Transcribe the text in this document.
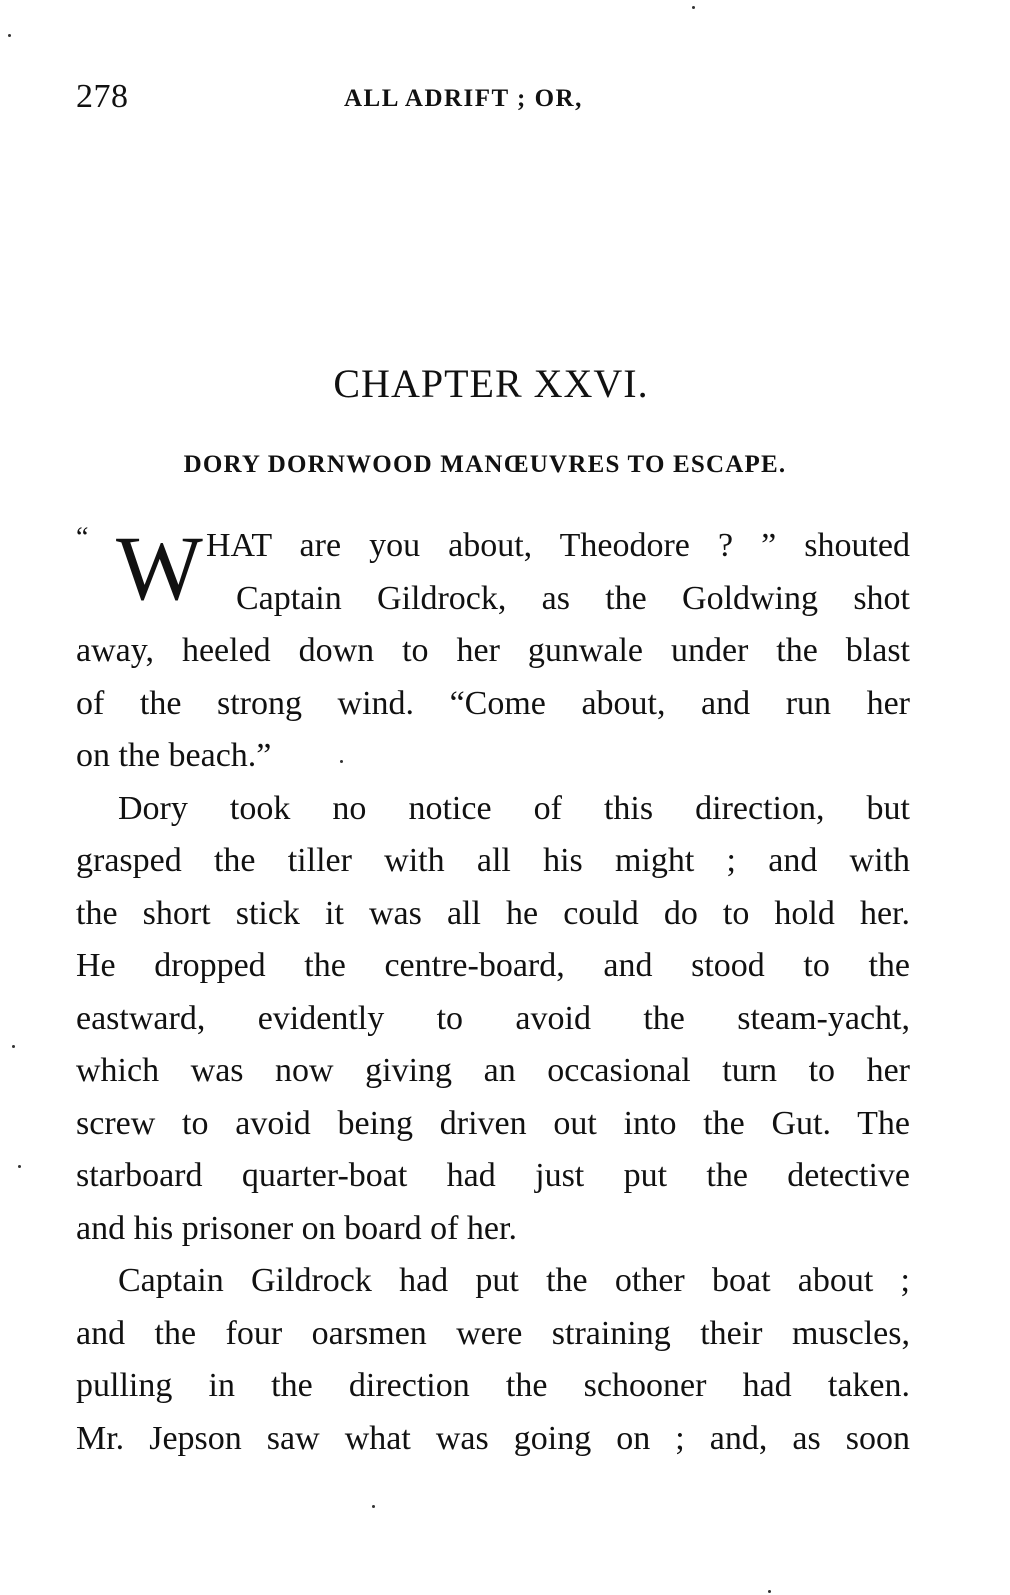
278	ALL ADRIFT ; OR,
CHAPTER XXVI.
DORY DORNWOOD MANŒUVRES TO ESCAPE.
“ W HAT are you about, Theodore ? ” shouted
Captain Gildrock, as the Goldwing shot
away, heeled down to her gunwale under the blast
of the strong wind. “Come about, and run her
on the beach.”
Dory took no notice of this direction, but
grasped the tiller with all his might ; and with
the short stick it was all he could do to hold her.
He dropped the centre-board, and stood to the
eastward, evidently to avoid the steam-yacht,
which was now giving an occasional turn to her
screw to avoid being driven out into the Gut. The
starboard quarter-boat had just put the detective
and his prisoner on board of her.
Captain Gildrock had put the other boat about ;
and the four oarsmen were straining their muscles,
pulling in the direction the schooner had taken.
Mr. Jepson saw what was going on ; and, as soon
